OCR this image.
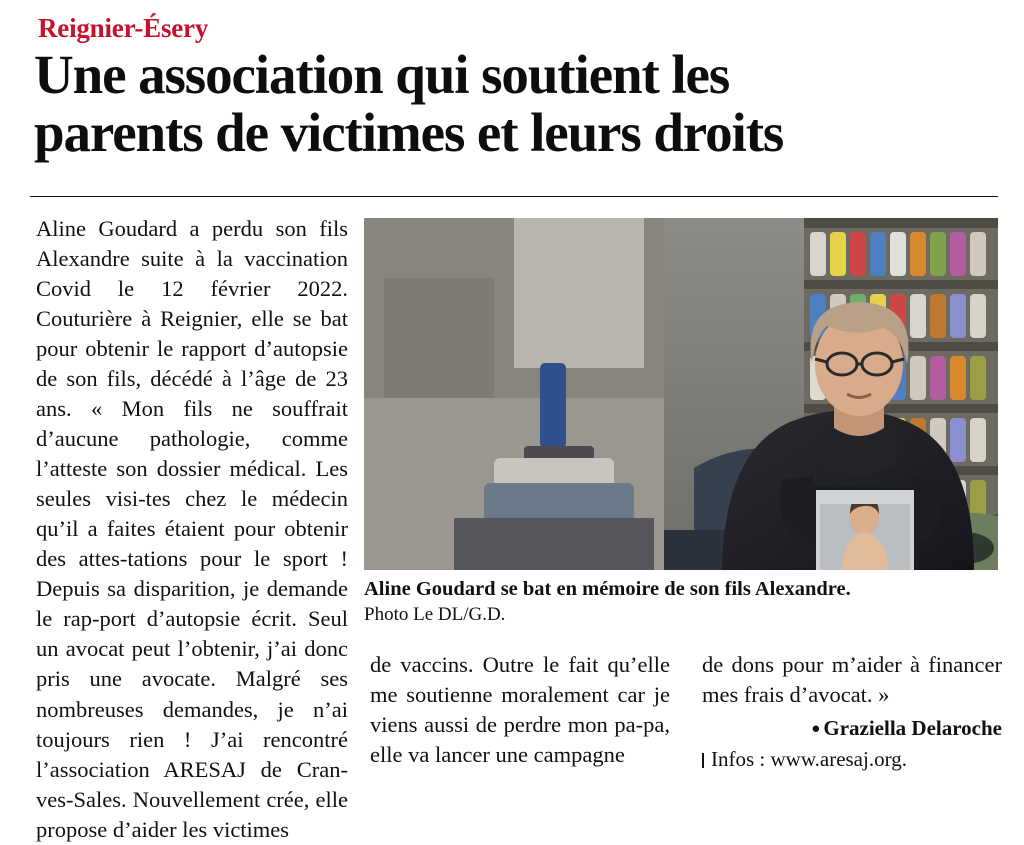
Reignier-Ésery
Une association qui soutient les
parents de victimes et leurs droits

Aline Goudard a perdu son fils Alexandre suite à la vaccination Covid le 12 février 2022. Couturière à Reignier, elle se bat pour obtenir le rapport d’autopsie de son fils, décédé à l’âge de 23 ans. « Mon fils ne souffrait d’aucune pathologie, comme l’atteste son dossier médical. Les seules visi-tes chez le médecin qu’il a faites étaient pour obtenir des attes-tations pour le sport ! Depuis sa disparition, je demande le rap-port d’autopsie écrit. Seul un avocat peut l’obtenir, j’ai donc pris une avocate. Malgré ses nombreuses demandes, je n’ai toujours rien ! J’ai rencontré l’association ARESAJ de Cran-ves-Sales. Nouvellement crée, elle propose d’aider les victimes

Aline Goudard se bat en mémoire de son fils Alexandre.
Photo Le DL/G.D.

de vaccins. Outre le fait qu’elle me soutienne moralement car je viens aussi de perdre mon pa-pa, elle va lancer une campagne

de dons pour m’aider à financer mes frais d’avocat. »

● Graziella Delaroche
Infos : www.aresaj.org.
